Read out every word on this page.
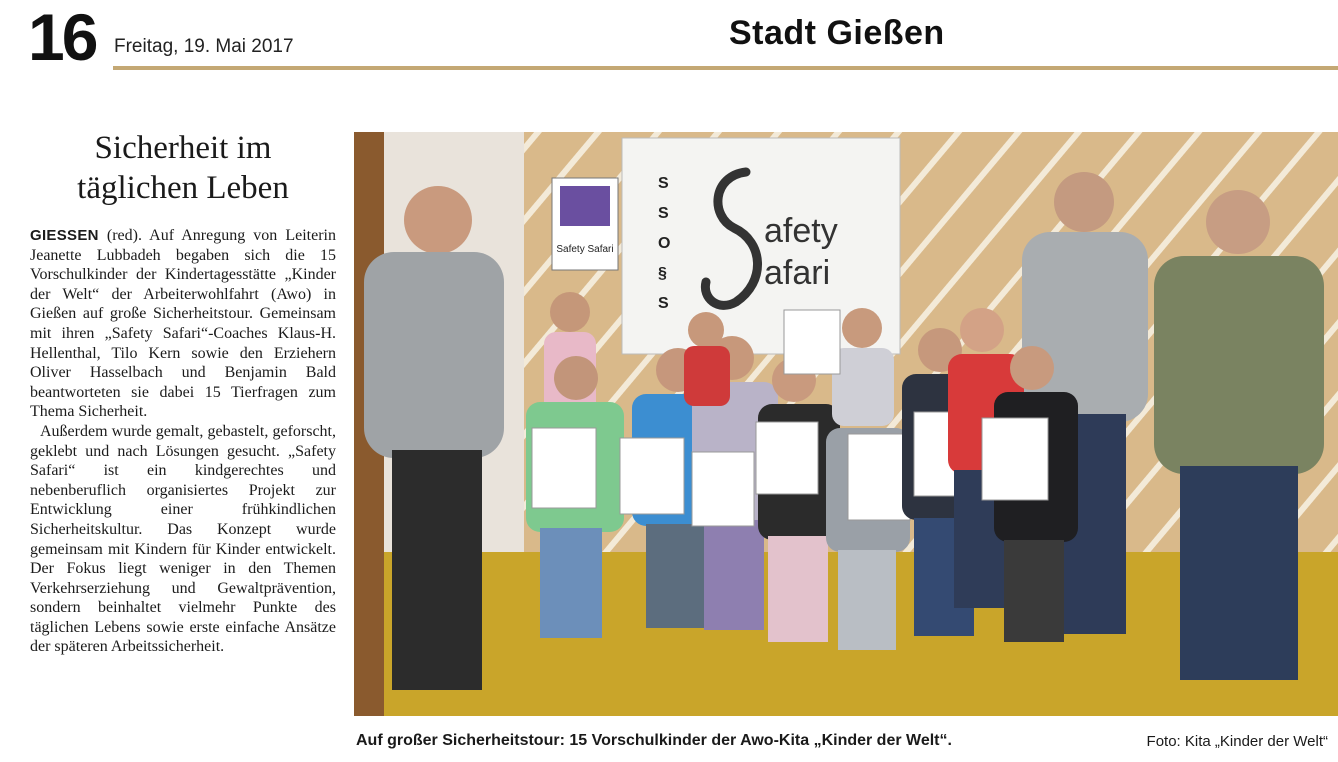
16 Freitag, 19. Mai 2017	Stadt Gießen
Sicherheit im täglichen Leben

GIESSEN (red). Auf Anregung von Leiterin Jeanette Lubbadeh begaben sich die 15 Vorschulkinder der Kindertagesstätte „Kinder der Welt“ der Arbeiterwohlfahrt (Awo) in Gießen auf große Sicherheitstour. Gemeinsam mit ihren „Safety Safari“-Coaches Klaus-H. Hellenthal, Tilo Kern sowie den Erziehern Oliver Hasselbach und Benjamin Bald beantworteten sie dabei 15 Tierfragen zum Thema Sicherheit.

Außerdem wurde gemalt, gebastelt, geforscht, geklebt und nach Lösungen gesucht. „Safety Safari“ ist ein kindgerechtes und nebenberuflich organisiertes Projekt zur Entwicklung einer frühkindlichen Sicherheitskultur. Das Konzept wurde gemeinsam mit Kindern für Kinder entwickelt. Der Fokus liegt weniger in den Themen Verkehrserziehung und Gewaltprävention, sondern beinhaltet vielmehr Punkte des täglichen Lebens sowie erste einfache Ansätze der späteren Arbeitssicherheit.

Safety Safari
S
S
O
§
S
afety
afari
Auf großer Sicherheitstour: 15 Vorschulkinder der Awo-Kita „Kinder der Welt“.	Foto: Kita „Kinder der Welt“
